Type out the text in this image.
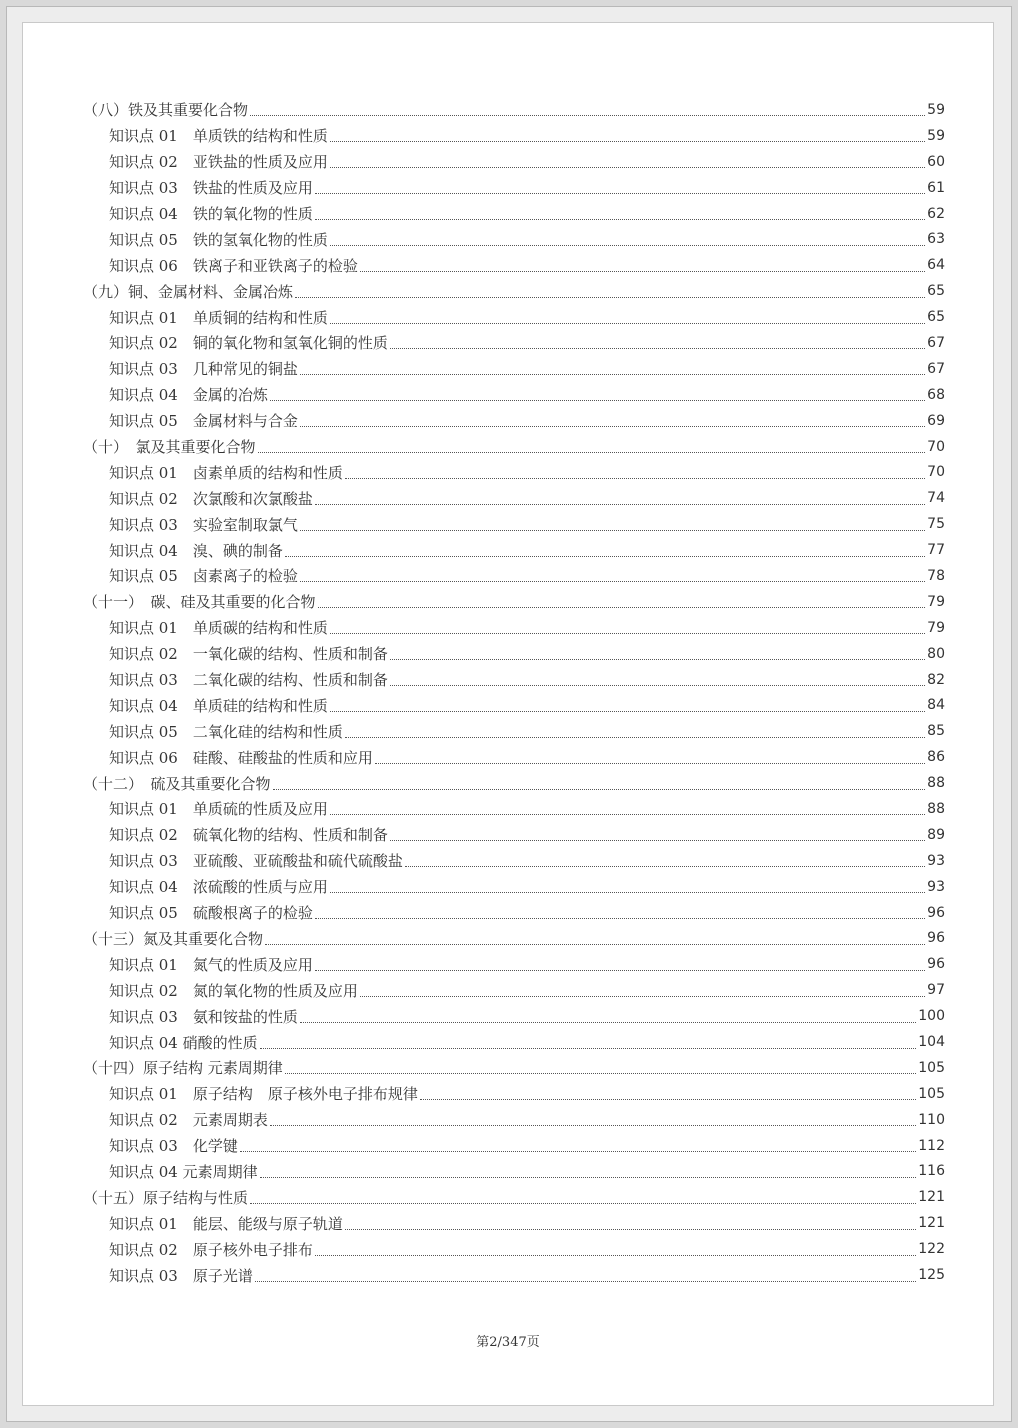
（八）铁及其重要化合物	59
知识点 01　单质铁的结构和性质	59
知识点 02　亚铁盐的性质及应用	60
知识点 03　铁盐的性质及应用	61
知识点 04　铁的氧化物的性质	62
知识点 05　铁的氢氧化物的性质	63
知识点 06　铁离子和亚铁离子的检验	64
（九）铜、金属材料、金属冶炼	65
知识点 01　单质铜的结构和性质	65
知识点 02　铜的氧化物和氢氧化铜的性质	67
知识点 03　几种常见的铜盐	67
知识点 04　金属的冶炼	68
知识点 05　金属材料与合金	69
（十）　氯及其重要化合物	70
知识点 01　卤素单质的结构和性质	70
知识点 02　次氯酸和次氯酸盐	74
知识点 03　实验室制取氯气	75
知识点 04　溴、碘的制备	77
知识点 05　卤素离子的检验	78
（十一）　碳、硅及其重要的化合物	79
知识点 01　单质碳的结构和性质	79
知识点 02　一氧化碳的结构、性质和制备	80
知识点 03　二氧化碳的结构、性质和制备	82
知识点 04　单质硅的结构和性质	84
知识点 05　二氧化硅的结构和性质	85
知识点 06　硅酸、硅酸盐的性质和应用	86
（十二）　硫及其重要化合物	88
知识点 01　单质硫的性质及应用	88
知识点 02　硫氧化物的结构、性质和制备	89
知识点 03　亚硫酸、亚硫酸盐和硫代硫酸盐	93
知识点 04　浓硫酸的性质与应用	93
知识点 05　硫酸根离子的检验	96
（十三）氮及其重要化合物	96
知识点 01　氮气的性质及应用	96
知识点 02　氮的氧化物的性质及应用	97
知识点 03　氨和铵盐的性质	100
知识点 04 硝酸的性质	104
（十四）原子结构 元素周期律	105
知识点 01　原子结构　原子核外电子排布规律	105
知识点 02　元素周期表	110
知识点 03　化学键	112
知识点 04 元素周期律	116
（十五）原子结构与性质	121
知识点 01　能层、能级与原子轨道	121
知识点 02　原子核外电子排布	122
知识点 03　原子光谱	125
第2/347页
